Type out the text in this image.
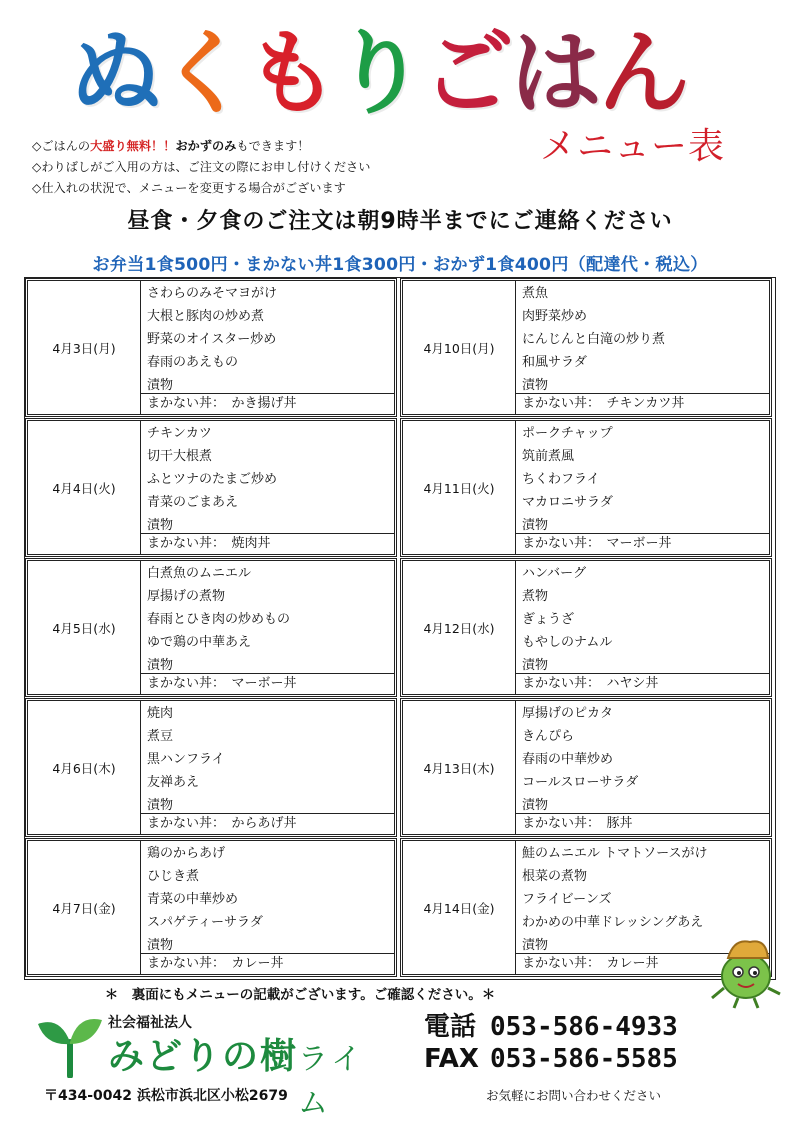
ぬ
く
も
り
ご
は
ん
メニュー表
◇ごはんの大盛り無料！！おかずのみもできます！
◇わりばしがご入用の方は、ご注文の際にお申し付けください
◇仕入れの状況で、メニューを変更する場合がございます
昼食・夕食のご注文は朝9時半までにご連絡ください
お弁当1食500円・まかない丼1食300円・おかず1食400円（配達代・税込）
4月3日(月)
さわらのみそマヨがけ
大根と豚肉の炒め煮
野菜のオイスター炒め
春雨のあえもの
漬物
まかない丼：　かき揚げ丼
4月10日(月)
煮魚
肉野菜炒め
にんじんと白滝の炒り煮
和風サラダ
漬物
まかない丼：　チキンカツ丼
4月4日(火)
チキンカツ
切干大根煮
ふとツナのたまご炒め
青菜のごまあえ
漬物
まかない丼：　焼肉丼
4月11日(火)
ポークチャップ
筑前煮風
ちくわフライ
マカロニサラダ
漬物
まかない丼：　マーボー丼
4月5日(水)
白煮魚のムニエル
厚揚げの煮物
春雨とひき肉の炒めもの
ゆで鶏の中華あえ
漬物
まかない丼：　マーボー丼
4月12日(水)
ハンバーグ
煮物
ぎょうざ
もやしのナムル
漬物
まかない丼：　ハヤシ丼
4月6日(木)
焼肉
煮豆
黒ハンフライ
友禅あえ
漬物
まかない丼：　からあげ丼
4月13日(木)
厚揚げのピカタ
きんぴら
春雨の中華炒め
コールスローサラダ
漬物
まかない丼：　豚丼
4月7日(金)
鶏のからあげ
ひじき煮
青菜の中華炒め
スパゲティーサラダ
漬物
まかない丼：　カレー丼
4月14日(金)
鮭のムニエル トマトソースがけ
根菜の煮物
フライビーンズ
わかめの中華ドレッシングあえ
漬物
まかない丼：　カレー丼
＊　裏面にもメニューの記載がございます。ご確認ください。＊
社会福祉法人
みどりの樹 ライム
電話 053-586-4933
FAX 053-586-5585
〒434-0042 浜松市浜北区小松2679	お気軽にお問い合わせください
